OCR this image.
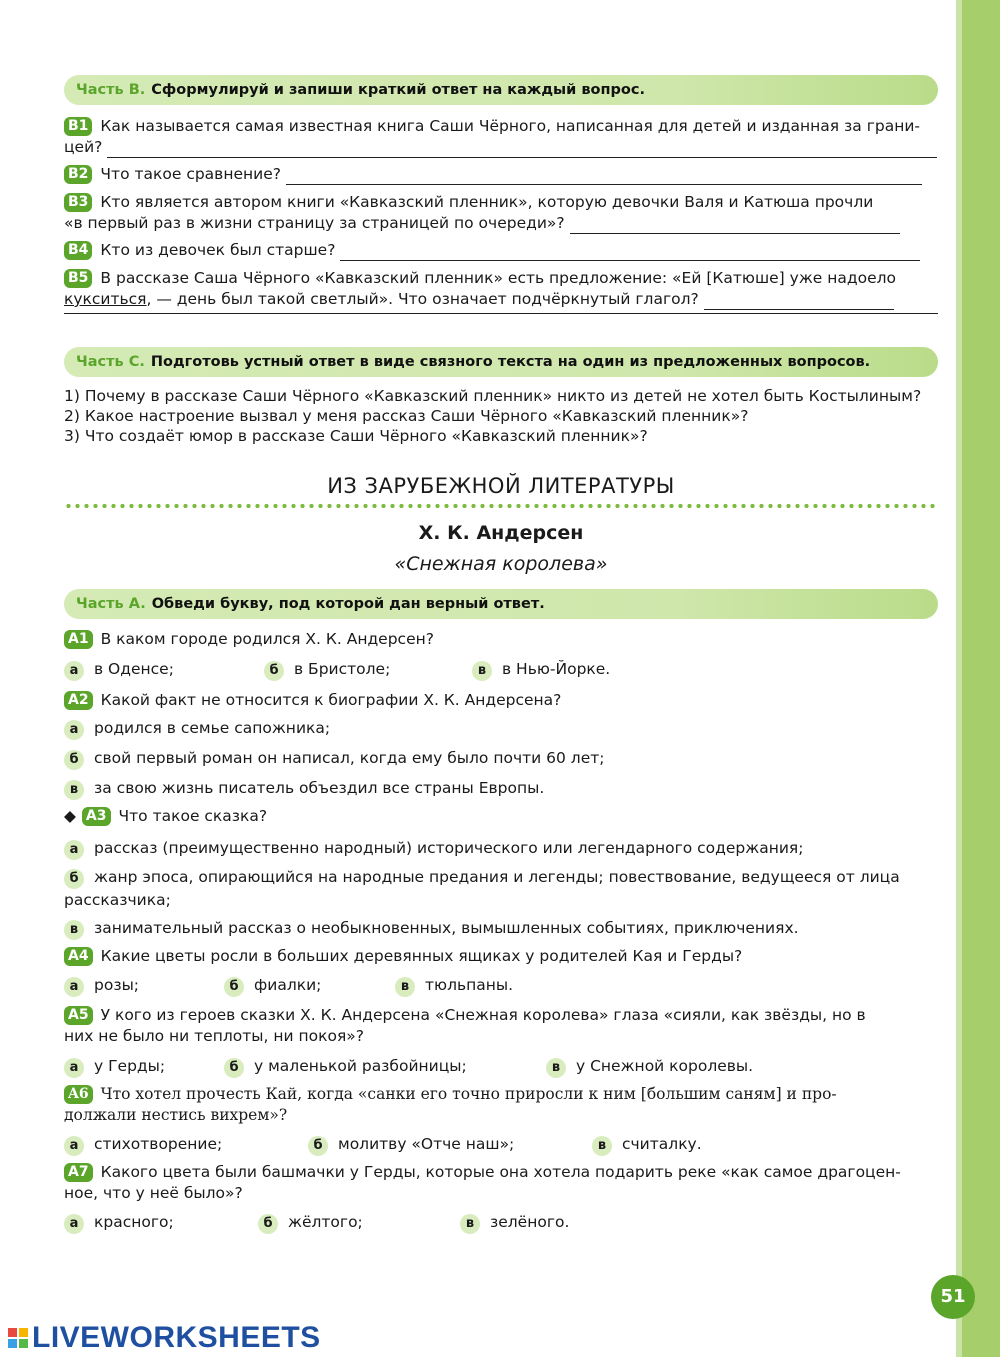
Часть B. Сформулируй и запиши краткий ответ на каждый вопрос.
B1 Как называется самая известная книга Саши Чёрного, написанная для детей и изданная за грани-
цей?
B2 Что такое сравнение?
B3 Кто является автором книги «Кавказский пленник», которую девочки Валя и Катюша прочли
«в первый раз в жизни страницу за страницей по очереди»?
B4 Кто из девочек был старше?
B5 В рассказе Саша Чёрного «Кавказский пленник» есть предложение: «Ей [Катюше] уже надоело
кукситься, — день был такой светлый». Что означает подчёркнутый глагол?
Часть C. Подготовь устный ответ в виде связного текста на один из предложенных вопросов.
1) Почему в рассказе Саши Чёрного «Кавказский пленник» никто из детей не хотел быть Костылиным?
2) Какое настроение вызвал у меня рассказ Саши Чёрного «Кавказский пленник»?
3) Что создаёт юмор в рассказе Саши Чёрного «Кавказский пленник»?
ИЗ ЗАРУБЕЖНОЙ ЛИТЕРАТУРЫ
Х. К. Андерсен
«Снежная королева»
Часть A. Обведи букву, под которой дан верный ответ.
A1 В каком городе родился Х. К. Андерсен?
а в Оденсе;	б в Бристоле;	в в Нью-Йорке.
A2 Какой факт не относится к биографии Х. К. Андерсена?
а родился в семье сапожника;
б свой первый роман он написал, когда ему было почти 60 лет;
в за свою жизнь писатель объездил все страны Европы.
◆ A3 Что такое сказка?
а рассказ (преимущественно народный) исторического или легендарного содержания;
б жанр эпоса, опирающийся на народные предания и легенды; повествование, ведущееся от лица
рассказчика;
в занимательный рассказ о необыкновенных, вымышленных событиях, приключениях.
A4 Какие цветы росли в больших деревянных ящиках у родителей Кая и Герды?
а розы;	б фиалки;	в тюльпаны.
A5 У кого из героев сказки Х. К. Андерсена «Снежная королева» глаза «сияли, как звёзды, но в
них не было ни теплоты, ни покоя»?
а у Герды;	б у маленькой разбойницы;	в у Снежной королевы.
A6 Что хотел прочесть Кай, когда «санки его точно приросли к ним [большим саням] и про-
должали нестись вихрем»?
а стихотворение;	б молитву «Отче наш»;	в считалку.
A7 Какого цвета были башмачки у Герды, которые она хотела подарить реке «как самое драгоцен-
ное, что у неё было»?
а красного;	б жёлтого;	в зелёного.
51
LIVEWORKSHEETS
